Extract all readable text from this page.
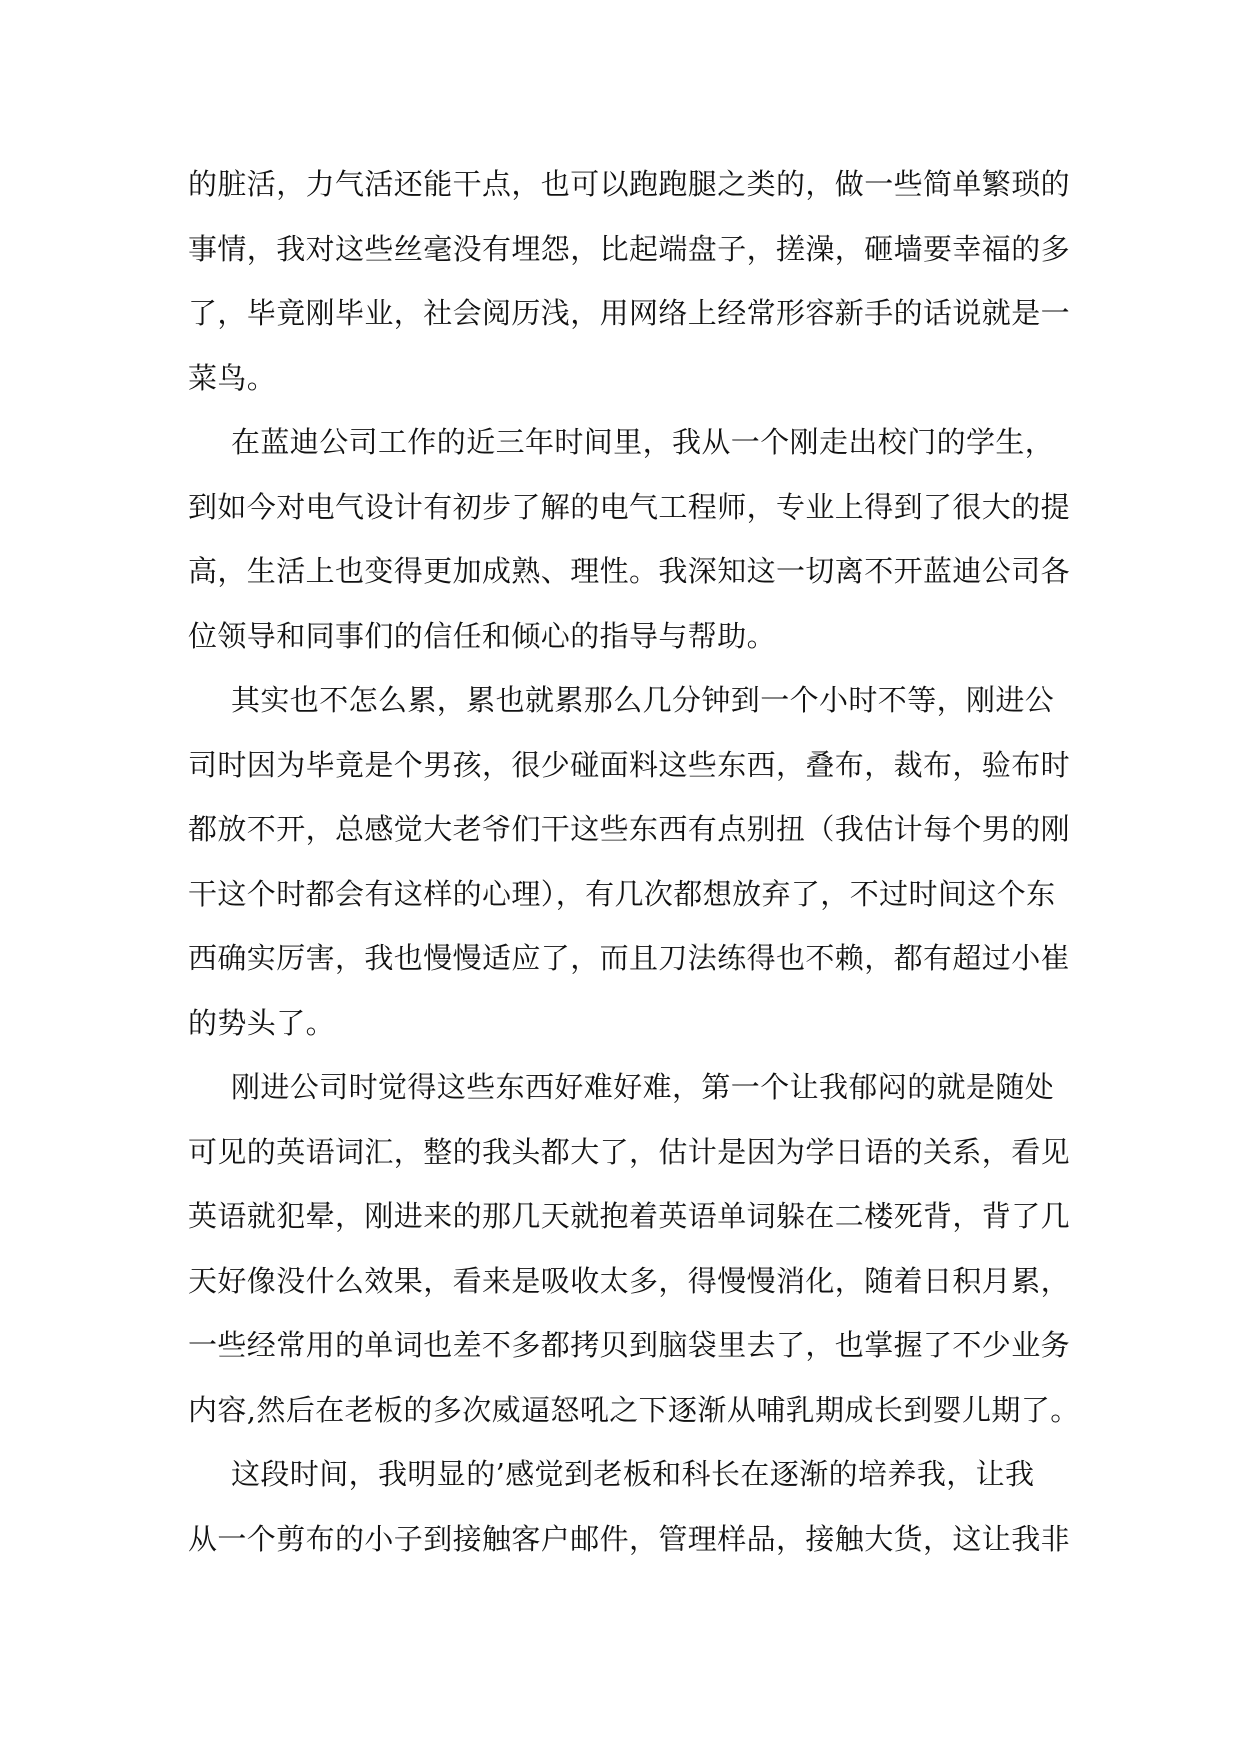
的脏活，力气活还能干点，也可以跑跑腿之类的，做一些简单繁琐的
事情，我对这些丝毫没有埋怨，比起端盘子，搓澡，砸墙要幸福的多
了，毕竟刚毕业，社会阅历浅，用网络上经常形容新手的话说就是一
菜鸟。
在蓝迪公司工作的近三年时间里，我从一个刚走出校门的学生，
到如今对电气设计有初步了解的电气工程师，专业上得到了很大的提
高，生活上也变得更加成熟、理性。我深知这一切离不开蓝迪公司各
位领导和同事们的信任和倾心的指导与帮助。
其实也不怎么累，累也就累那么几分钟到一个小时不等，刚进公
司时因为毕竟是个男孩，很少碰面料这些东西，叠布，裁布，验布时
都放不开，总感觉大老爷们干这些东西有点别扭（我估计每个男的刚
干这个时都会有这样的心理），有几次都想放弃了，不过时间这个东
西确实厉害，我也慢慢适应了，而且刀法练得也不赖，都有超过小崔
的势头了。
刚进公司时觉得这些东西好难好难，第一个让我郁闷的就是随处
可见的英语词汇，整的我头都大了，估计是因为学日语的关系，看见
英语就犯晕，刚进来的那几天就抱着英语单词躲在二楼死背，背了几
天好像没什么效果，看来是吸收太多，得慢慢消化，随着日积月累，
一些经常用的单词也差不多都拷贝到脑袋里去了，也掌握了不少业务
内容,然后在老板的多次威逼怒吼之下逐渐从哺乳期成长到婴儿期了。
这段时间，我明显的’感觉到老板和科长在逐渐的培养我，让我
从一个剪布的小子到接触客户邮件，管理样品，接触大货，这让我非
